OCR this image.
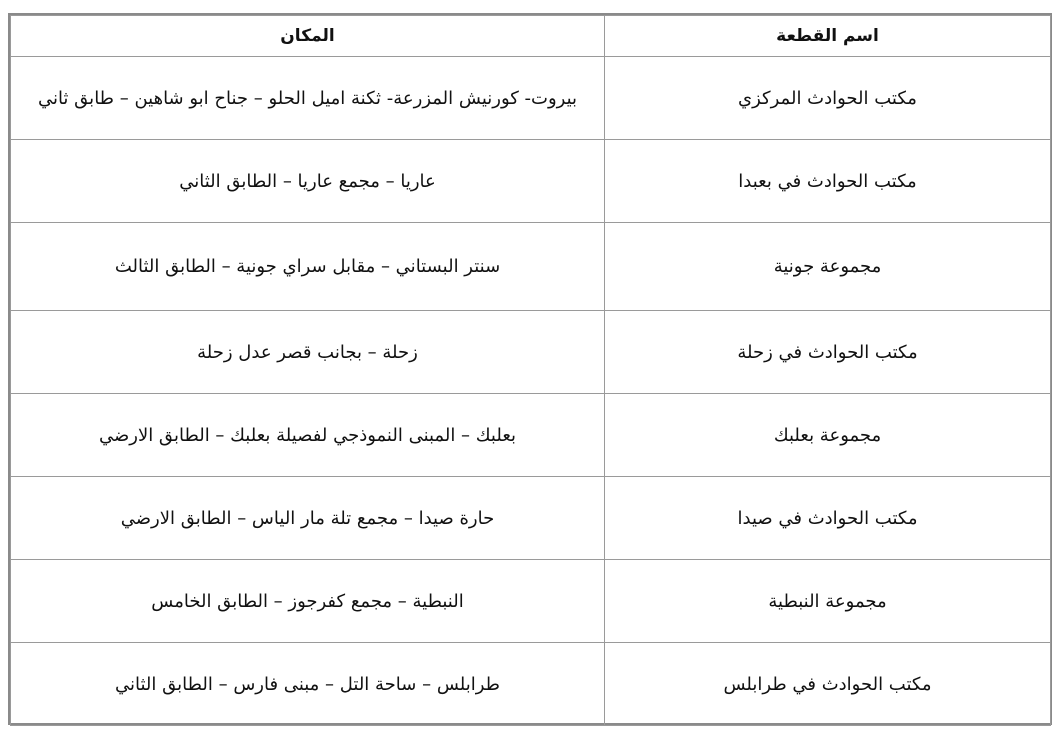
اسم القطعة	المكان
مكتب الحوادث المركزي	بيروت- كورنيش المزرعة- ثكنة اميل الحلو – جناح ابو شاهين – طابق ثاني
مكتب الحوادث في بعبدا	عاريا – مجمع عاريا – الطابق الثاني
مجموعة جونية	سنتر البستاني – مقابل سراي جونية – الطابق الثالث
مكتب الحوادث في زحلة	زحلة – بجانب قصر عدل زحلة
مجموعة بعلبك	بعلبك – المبنى النموذجي لفصيلة بعلبك – الطابق الارضي
مكتب الحوادث في صيدا	حارة صيدا – مجمع تلة مار الياس – الطابق الارضي
مجموعة النبطية	النبطية – مجمع كفرجوز – الطابق الخامس
مكتب الحوادث في طرابلس	طرابلس – ساحة التل – مبنى فارس – الطابق الثاني
